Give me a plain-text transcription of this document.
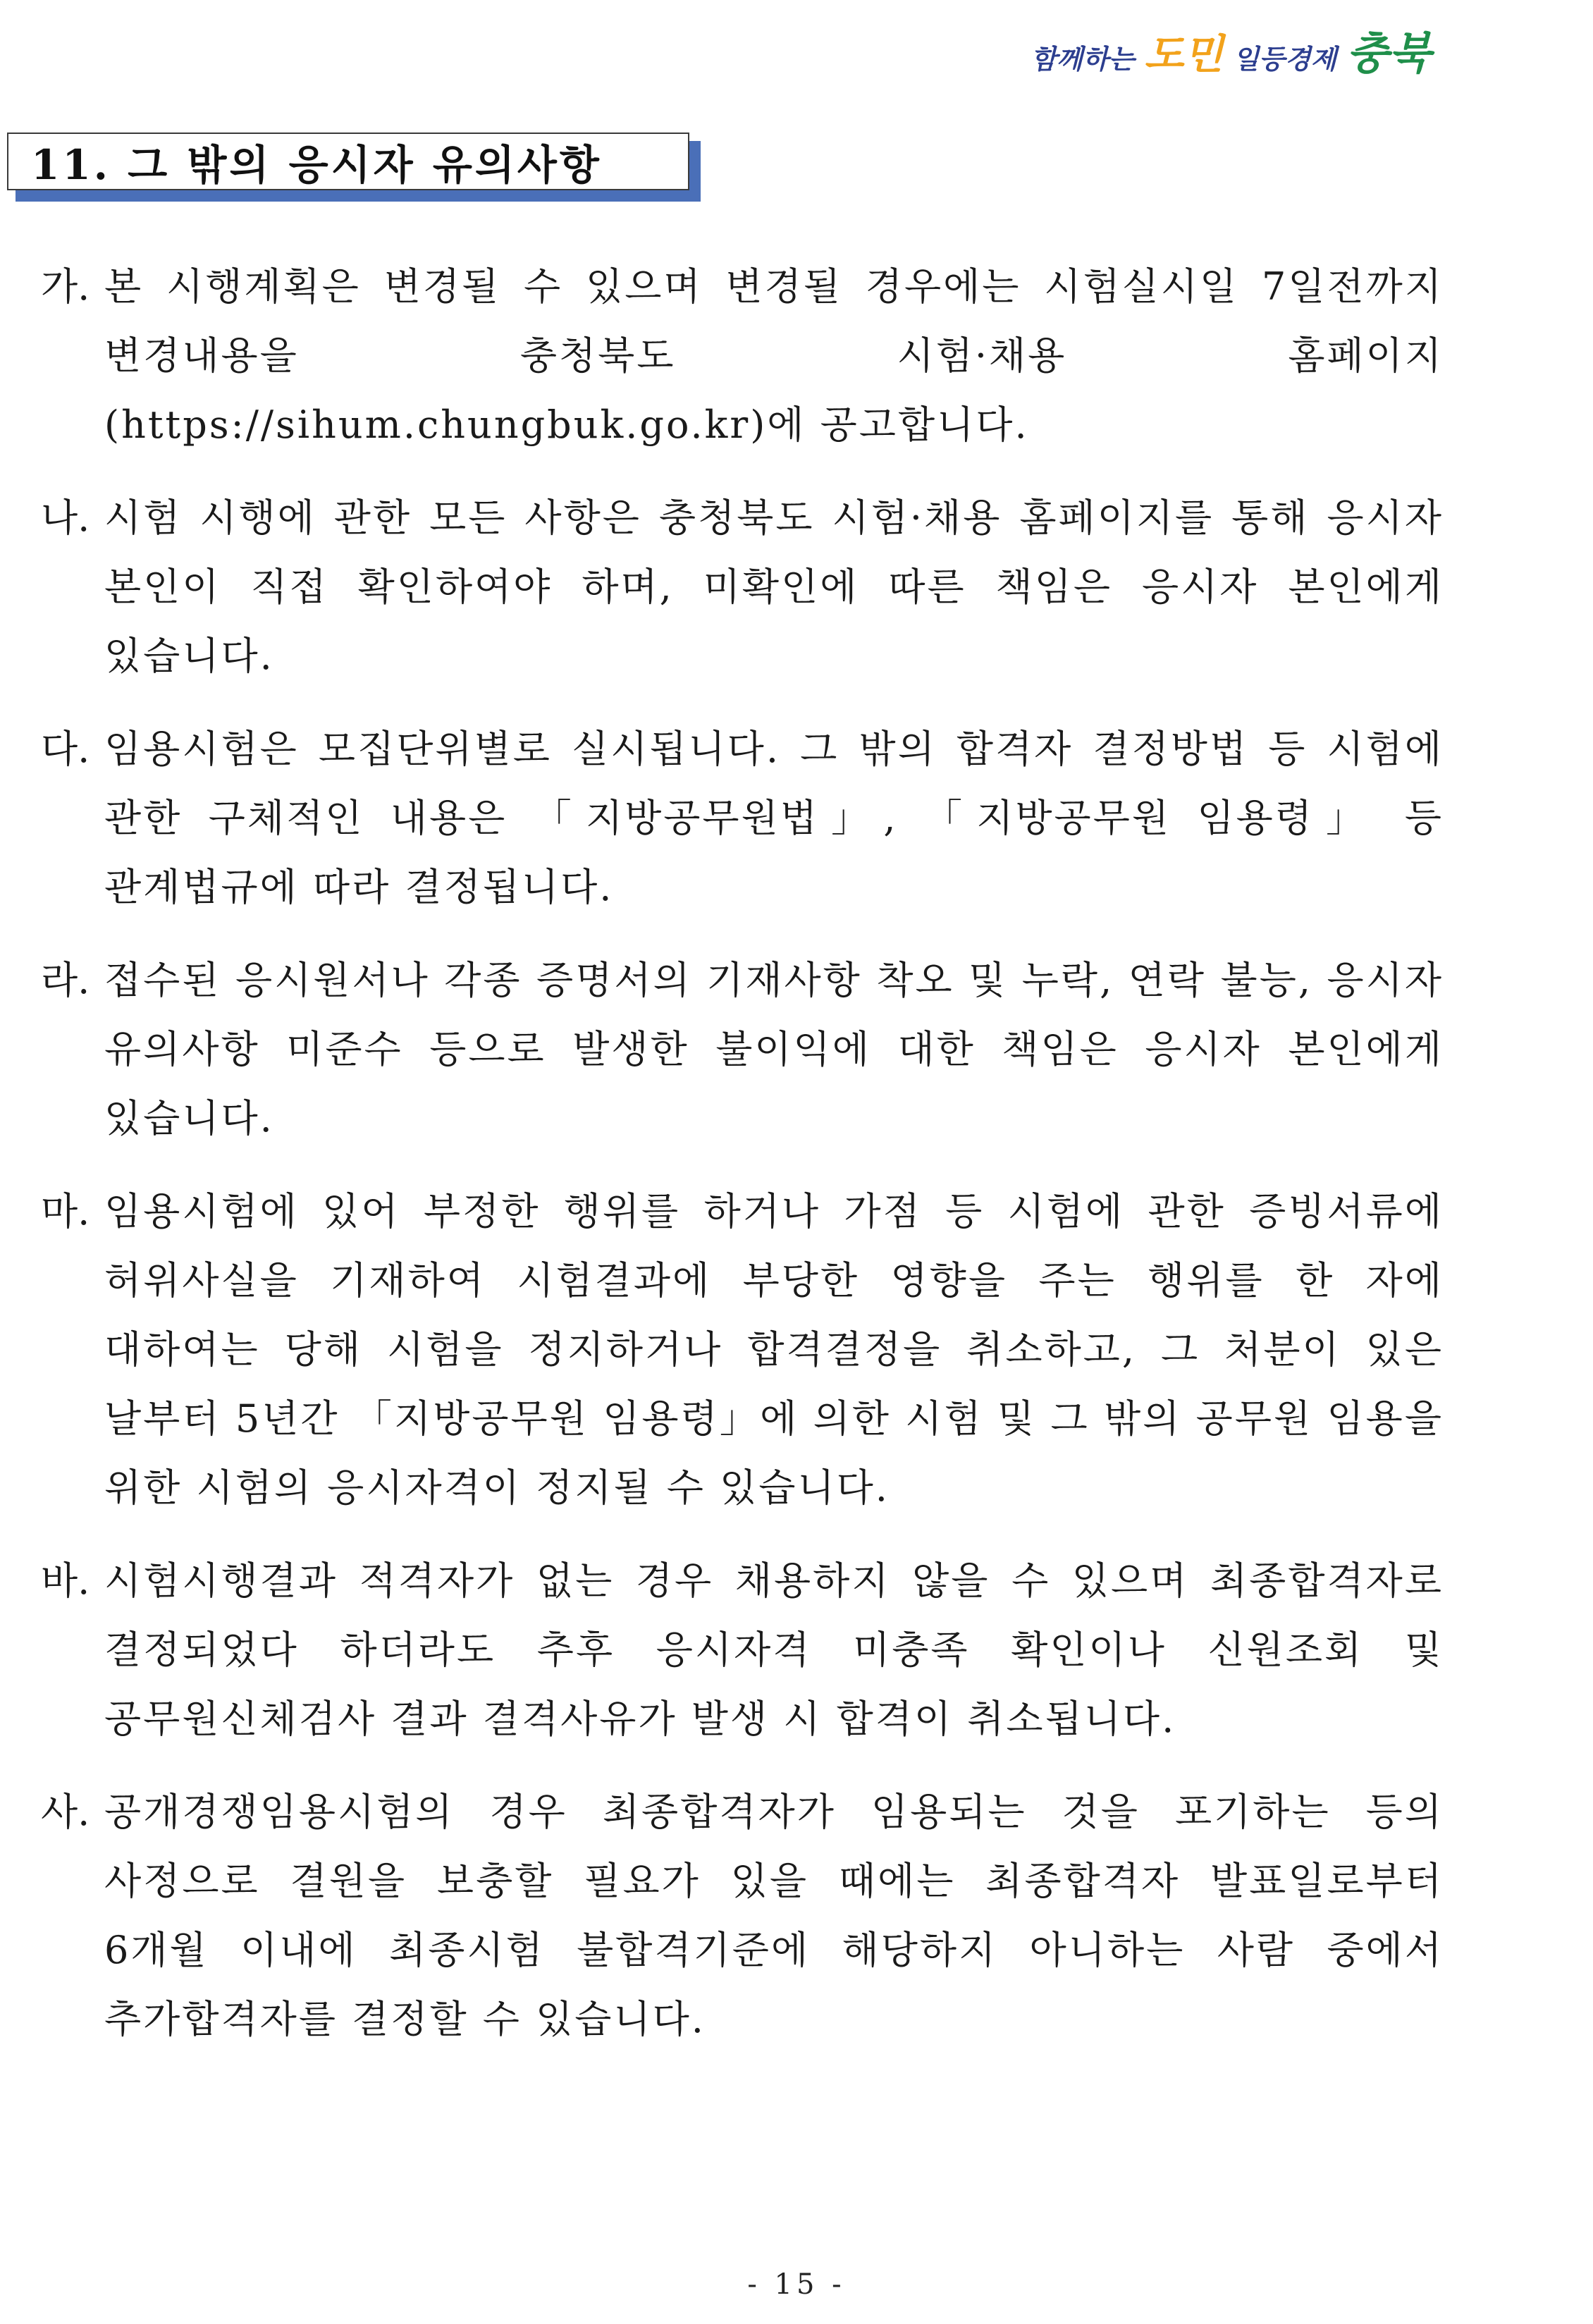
함께하는 도민 일등경제 충북
11. 그 밖의 응시자 유의사항
가. 본 시행계획은 변경될 수 있으며 변경될 경우에는 시험실시일 7일전까지 변경내용을 충청북도 시험·채용 홈페이지(https://sihum.chungbuk.go.kr)에 공고합니다.
나. 시험 시행에 관한 모든 사항은 충청북도 시험·채용 홈페이지를 통해 응시자 본인이 직접 확인하여야 하며, 미확인에 따른 책임은 응시자 본인에게 있습니다.
다. 임용시험은 모집단위별로 실시됩니다. 그 밖의 합격자 결정방법 등 시험에 관한 구체적인 내용은 「지방공무원법」, 「지방공무원 임용령」 등 관계법규에 따라 결정됩니다.
라. 접수된 응시원서나 각종 증명서의 기재사항 착오 및 누락, 연락 불능, 응시자 유의사항 미준수 등으로 발생한 불이익에 대한 책임은 응시자 본인에게 있습니다.
마. 임용시험에 있어 부정한 행위를 하거나 가점 등 시험에 관한 증빙서류에 허위사실을 기재하여 시험결과에 부당한 영향을 주는 행위를 한 자에 대하여는 당해 시험을 정지하거나 합격결정을 취소하고, 그 처분이 있은 날부터 5년간 「지방공무원 임용령」에 의한 시험 및 그 밖의 공무원 임용을 위한 시험의 응시자격이 정지될 수 있습니다.
바. 시험시행결과 적격자가 없는 경우 채용하지 않을 수 있으며 최종합격자로 결정되었다 하더라도 추후 응시자격 미충족 확인이나 신원조회 및 공무원신체검사 결과 결격사유가 발생 시 합격이 취소됩니다.
사. 공개경쟁임용시험의 경우 최종합격자가 임용되는 것을 포기하는 등의 사정으로 결원을 보충할 필요가 있을 때에는 최종합격자 발표일로부터 6개월 이내에 최종시험 불합격기준에 해당하지 아니하는 사람 중에서 추가합격자를 결정할 수 있습니다.
- 15 -
